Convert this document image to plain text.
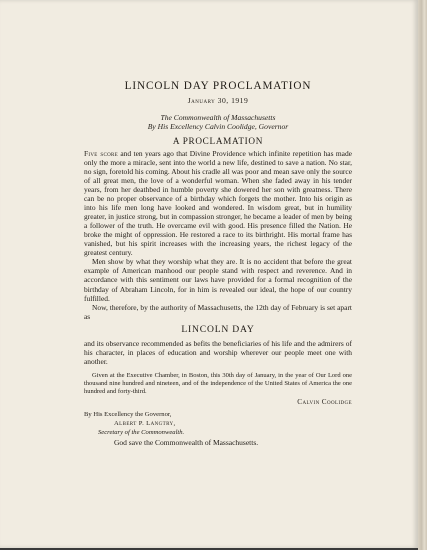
LINCOLN DAY PROCLAMATION
January 30, 1919
The Commonwealth of Massachusetts
By His Excellency Calvin Coolidge, Governor
A PROCLAMATION

Five score and ten years ago that Divine Providence which infinite repetition has made only the more a miracle, sent into the world a new life, destined to save a nation. No star, no sign, foretold his coming. About his cradle all was poor and mean save only the source of all great men, the love of a wonderful woman. When she faded away in his tender years, from her deathbed in humble poverty she dowered her son with greatness. There can be no proper observance of a birthday which forgets the mother. Into his origin as into his life men long have looked and wondered. In wisdom great, but in humility greater, in justice strong, but in compassion stronger, he became a leader of men by being a follower of the truth. He overcame evil with good. His presence filled the Nation. He broke the might of oppression. He restored a race to its birthright. His mortal frame has vanished, but his spirit increases with the increasing years, the richest legacy of the greatest century.

Men show by what they worship what they are. It is no accident that before the great example of American manhood our people stand with respect and reverence. And in accordance with this sentiment our laws have provided for a formal recognition of the birthday of Abraham Lincoln, for in him is revealed our ideal, the hope of our country fulfilled.

Now, therefore, by the authority of Massachusetts, the 12th day of February is set apart as

LINCOLN DAY

and its observance recommended as befits the beneficiaries of his life and the admirers of his character, in places of education and worship wherever our people meet one with another.

Given at the Executive Chamber, in Boston, this 30th day of January, in the year of Our Lord one thousand nine hundred and nineteen, and of the independence of the United States of America the one hundred and forty-third.
Calvin Coolidge
By His Excellency the Governor,
Albert P. Langtry,
Secretary of the Commonwealth.
God save the Commonwealth of Massachusetts.
